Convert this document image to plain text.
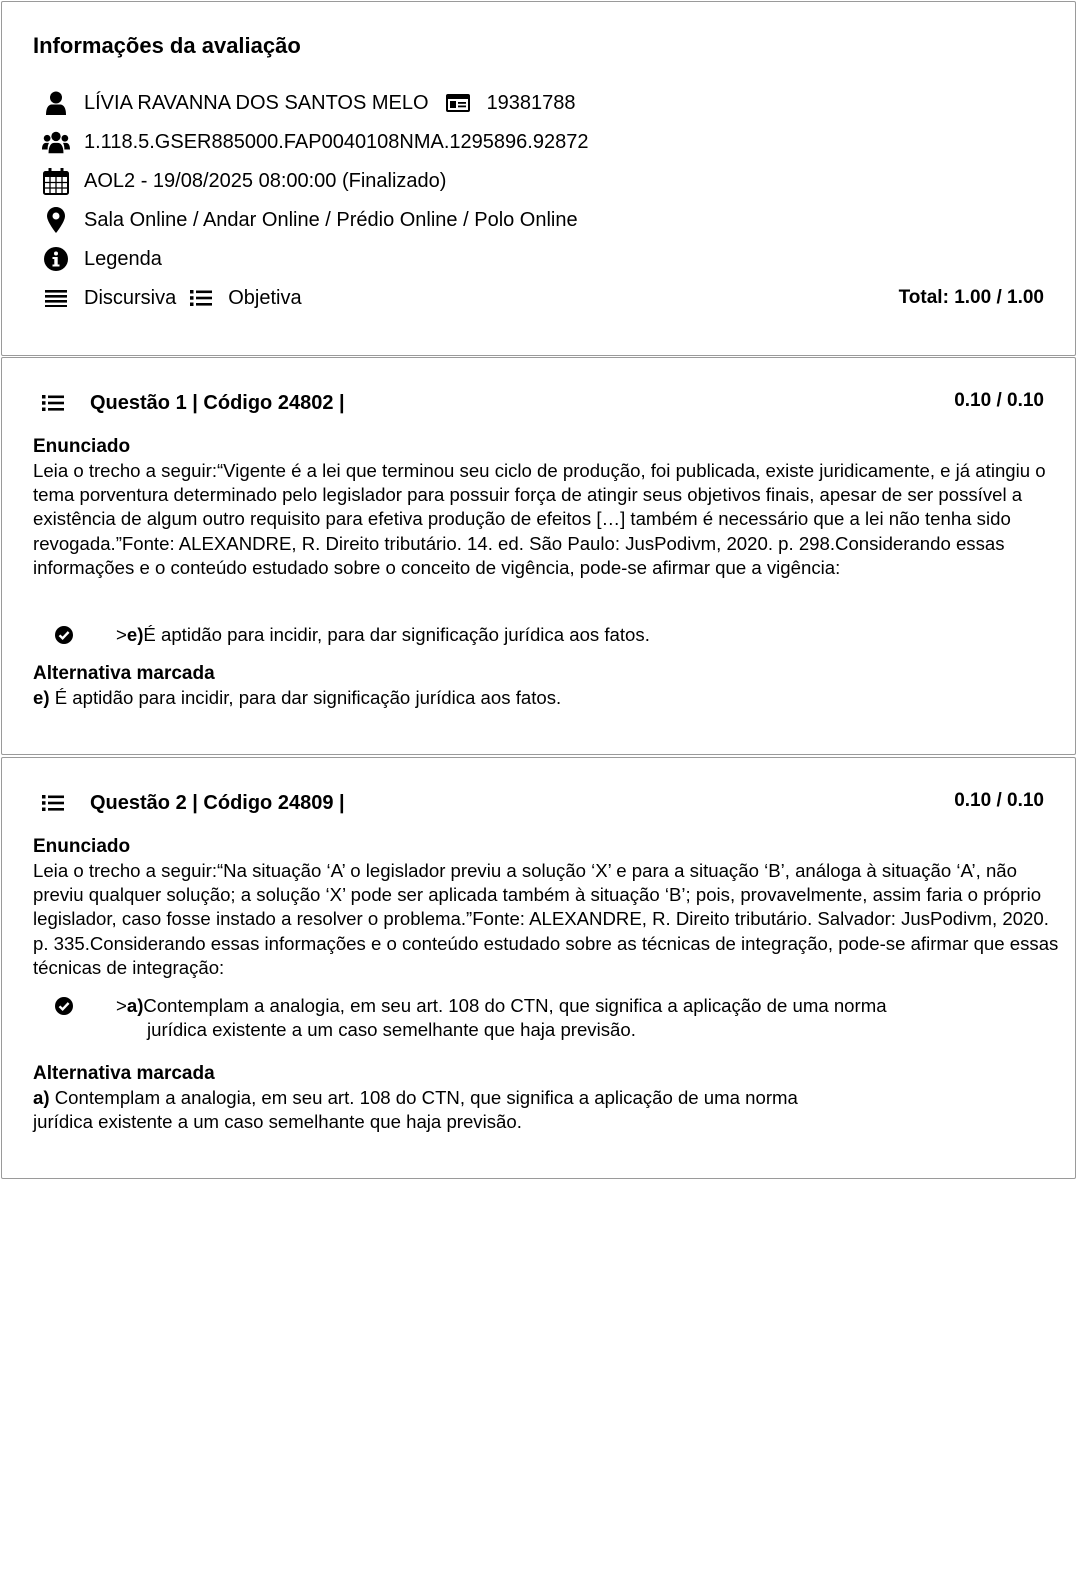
Informações da avaliação
LÍVIA RAVANNA DOS SANTOS MELO	19381788
1.118.5.GSER885000.FAP0040108NMA.1295896.92872
AOL2 - 19/08/2025 08:00:00 (Finalizado)
Sala Online / Andar Online / Prédio Online / Polo Online
Legenda
Discursiva	Objetiva	Total: 1.00 / 1.00
Questão 1 | Código 24802 |	0.10 / 0.10
Enunciado

Leia o trecho a seguir:“Vigente é a lei que terminou seu ciclo de produção, foi publicada, existe juridicamente, e já atingiu o tema porventura determinado pelo legislador para possuir força de atingir seus objetivos finais, apesar de ser possível a existência de algum outro requisito para efetiva produção de efeitos […] também é necessário que a lei não tenha sido revogada.”Fonte: ALEXANDRE, R. Direito tributário. 14. ed. São Paulo: JusPodivm, 2020. p. 298.Considerando essas informações e o conteúdo estudado sobre o conceito de vigência, pode-se afirmar que a vigência:

>e)É aptidão para incidir, para dar significação jurídica aos fatos.
Alternativa marcada

e) É aptidão para incidir, para dar significação jurídica aos fatos.

Questão 2 | Código 24809 |	0.10 / 0.10
Enunciado

Leia o trecho a seguir:“Na situação ‘A’ o legislador previu a solução ‘X’ e para a situação ‘B’, análoga à situação ‘A’, não previu qualquer solução; a solução ‘X’ pode ser aplicada também à situação ‘B’; pois, provavelmente, assim faria o próprio legislador, caso fosse instado a resolver o problema.”Fonte: ALEXANDRE, R. Direito tributário. Salvador: JusPodivm, 2020. p. 335.Considerando essas informações e o conteúdo estudado sobre as técnicas de integração, pode-se afirmar que essas técnicas de integração:

>a)Contemplam a analogia, em seu art. 108 do CTN, que significa a aplicação de uma norma
jurídica existente a um caso semelhante que haja previsão.
Alternativa marcada

a) Contemplam a analogia, em seu art. 108 do CTN, que significa a aplicação de uma norma
jurídica existente a um caso semelhante que haja previsão.
